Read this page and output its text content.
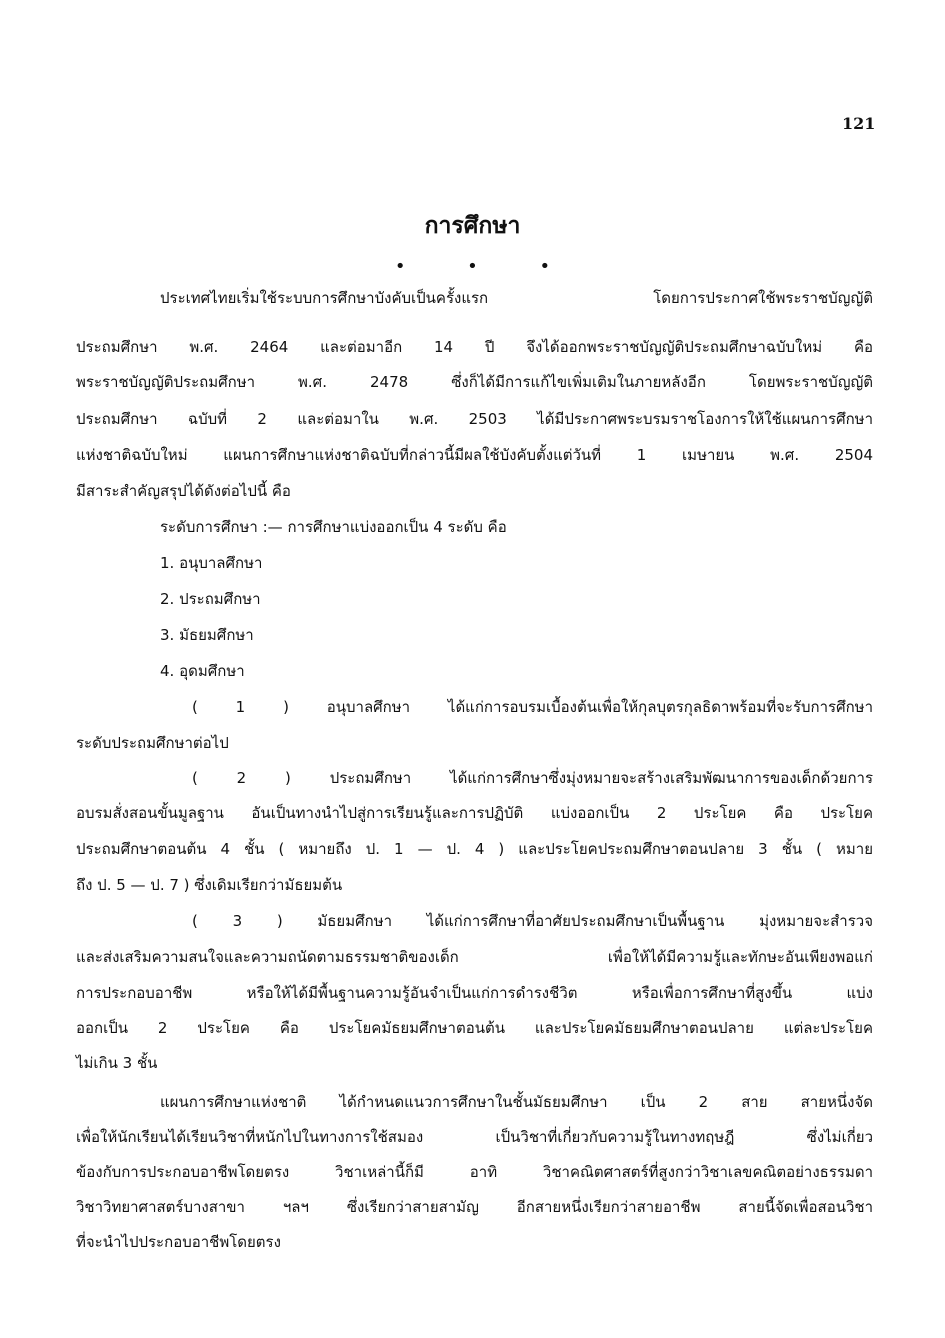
121
การศึกษา
• • •
ประเทศไทยเริ่มใช้ระบบการศึกษาบังคับเป็นครั้งแรก โดยการประกาศใช้พระราชบัญญัติ
ประถมศึกษา พ.ศ. 2464 และต่อมาอีก 14 ปี จึงได้ออกพระราชบัญญัติประถมศึกษาฉบับใหม่ คือ
พระราชบัญญัติประถมศึกษา พ.ศ. 2478 ซึ่งก็ได้มีการแก้ไขเพิ่มเติมในภายหลังอีก โดยพระราชบัญญัติ
ประถมศึกษา ฉบับที่ 2 และต่อมาใน พ.ศ. 2503 ได้มีประกาศพระบรมราชโองการให้ใช้แผนการศึกษา
แห่งชาติฉบับใหม่ แผนการศึกษาแห่งชาติฉบับที่กล่าวนี้มีผลใช้บังคับตั้งแต่วันที่ 1 เมษายน พ.ศ. 2504
มีสาระสำคัญสรุปได้ดังต่อไปนี้ คือ
ระดับการศึกษา :— การศึกษาแบ่งออกเป็น 4 ระดับ คือ
1. อนุบาลศึกษา
2. ประถมศึกษา
3. มัธยมศึกษา
4. อุดมศึกษา
( 1 ) อนุบาลศึกษา ได้แก่การอบรมเบื้องต้นเพื่อให้กุลบุตรกุลธิดาพร้อมที่จะรับการศึกษา
ระดับประถมศึกษาต่อไป
( 2 ) ประถมศึกษา ได้แก่การศึกษาซึ่งมุ่งหมายจะสร้างเสริมพัฒนาการของเด็กด้วยการ
อบรมสั่งสอนขั้นมูลฐาน อันเป็นทางนำไปสู่การเรียนรู้และการปฏิบัติ แบ่งออกเป็น 2 ประโยค คือ ประโยค
ประถมศึกษาตอนต้น 4 ชั้น ( หมายถึง ป. 1 — ป. 4 ) และประโยคประถมศึกษาตอนปลาย 3 ชั้น ( หมาย
ถึง ป. 5 — ป. 7 ) ซึ่งเดิมเรียกว่ามัธยมต้น
( 3 ) มัธยมศึกษา ได้แก่การศึกษาที่อาศัยประถมศึกษาเป็นพื้นฐาน มุ่งหมายจะสำรวจ
และส่งเสริมความสนใจและความถนัดตามธรรมชาติของเด็ก เพื่อให้ได้มีความรู้และทักษะอันเพียงพอแก่
การประกอบอาชีพ หรือให้ได้มีพื้นฐานความรู้อันจำเป็นแก่การดำรงชีวิต หรือเพื่อการศึกษาที่สูงขึ้น แบ่ง
ออกเป็น 2 ประโยค คือ ประโยคมัธยมศึกษาตอนต้น และประโยคมัธยมศึกษาตอนปลาย แต่ละประโยค
ไม่เกิน 3 ชั้น
แผนการศึกษาแห่งชาติ ได้กำหนดแนวการศึกษาในชั้นมัธยมศึกษา เป็น 2 สาย สายหนึ่งจัด
เพื่อให้นักเรียนได้เรียนวิชาที่หนักไปในทางการใช้สมอง เป็นวิชาที่เกี่ยวกับความรู้ในทางทฤษฎี ซึ่งไม่เกี่ยว
ข้องกับการประกอบอาชีพโดยตรง วิชาเหล่านี้ก็มี อาทิ วิชาคณิตศาสตร์ที่สูงกว่าวิชาเลขคณิตอย่างธรรมดา
วิชาวิทยาศาสตร์บางสาขา ฯลฯ ซึ่งเรียกว่าสายสามัญ อีกสายหนึ่งเรียกว่าสายอาชีพ สายนี้จัดเพื่อสอนวิชา
ที่จะนำไปประกอบอาชีพโดยตรง
